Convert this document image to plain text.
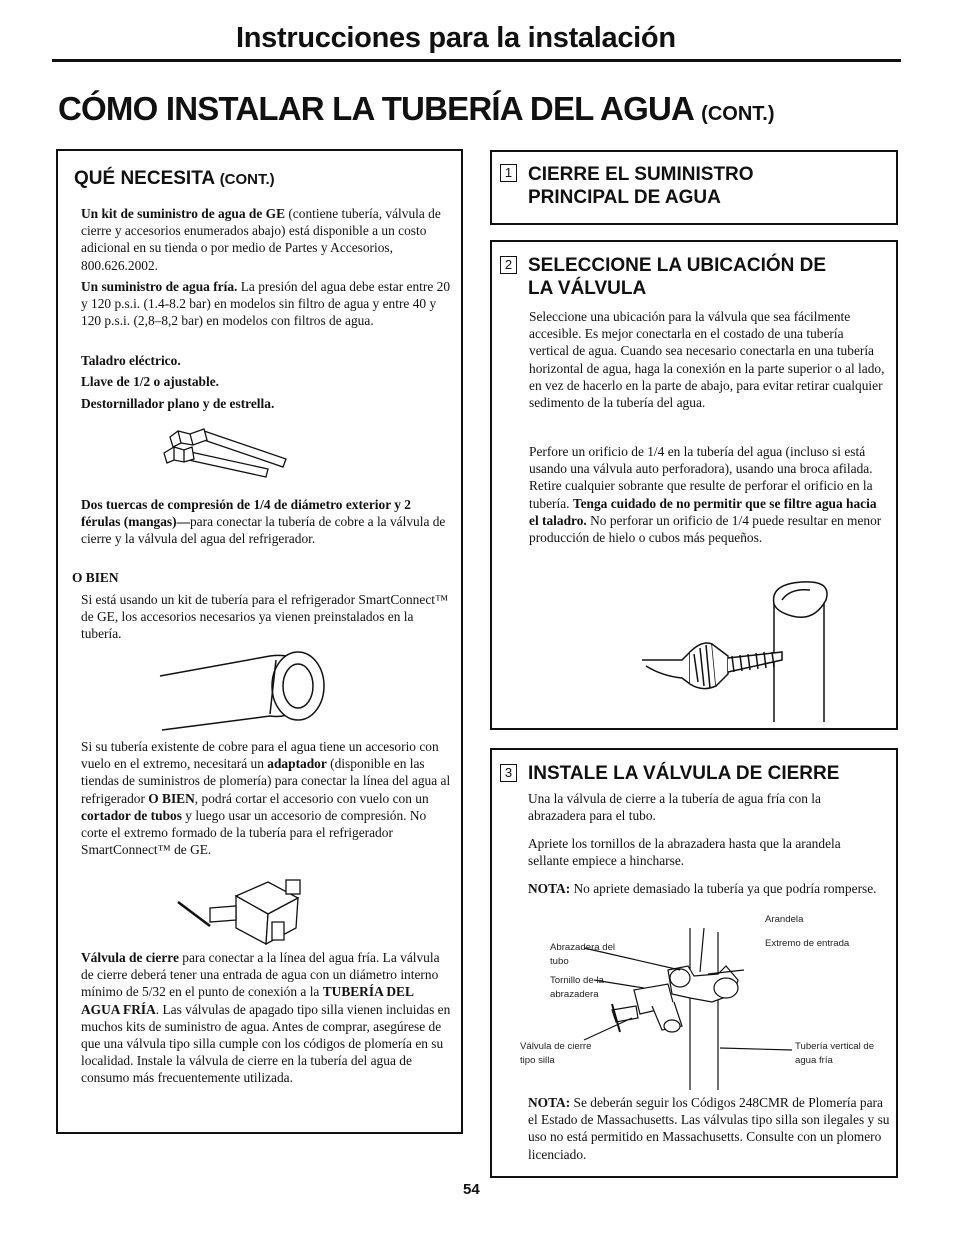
Instrucciones para la instalación
CÓMO INSTALAR LA TUBERÍA DEL AGUA (CONT.)
QUÉ NECESITA (CONT.)
Un kit de suministro de agua de GE (contiene tubería, válvula de cierre y accesorios enumerados abajo) está disponible a un costo adicional en su tienda o por medio de Partes y Accesorios, 800.626.2002.
Un suministro de agua fría. La presión del agua debe estar entre 20 y 120 p.s.i. (1.4-8.2 bar) en modelos sin filtro de agua y entre 40 y 120 p.s.i. (2,8–8,2 bar) en modelos con filtros de agua.
Taladro eléctrico.
Llave de 1/2 o ajustable.
Destornillador plano y de estrella.
Dos tuercas de compresión de 1/4 de diámetro exterior y 2 férulas (mangas)—para conectar la tubería de cobre a la válvula de cierre y la válvula del agua del refrigerador.
O BIEN
Si está usando un kit de tubería para el refrigerador SmartConnect™ de GE, los accesorios necesarios ya vienen preinstalados en la tubería.
Si su tubería existente de cobre para el agua tiene un accesorio con vuelo en el extremo, necesitará un adaptador (disponible en las tiendas de suministros de plomería) para conectar la línea del agua al refrigerador O BIEN, podrá cortar el accesorio con vuelo con un cortador de tubos y luego usar un accesorio de compresión. No corte el extremo formado de la tubería para el refrigerador SmartConnect™ de GE.
Válvula de cierre para conectar a la línea del agua fría. La válvula de cierre deberá tener una entrada de agua con un diámetro interno mínimo de 5/32 en el punto de conexión a la TUBERÍA DEL AGUA FRÍA. Las válvulas de apagado tipo silla vienen incluidas en muchos kits de suministro de agua. Antes de comprar, asegúrese de que una válvula tipo silla cumple con los códigos de plomería en su localidad. Instale la válvula de cierre en la tubería del agua de consumo más frecuentemente utilizada.
1 CIERRE EL SUMINISTRO PRINCIPAL DE AGUA
2 SELECCIONE LA UBICACIÓN DE LA VÁLVULA
Seleccione una ubicación para la válvula que sea fácilmente accesible. Es mejor conectarla en el costado de una tubería vertical de agua. Cuando sea necesario conectarla en una tubería horizontal de agua, haga la conexión en la parte superior o al lado, en vez de hacerlo en la parte de abajo, para evitar retirar cualquier sedimento de la tubería del agua.
Perfore un orificio de 1/4 en la tubería del agua (incluso si está usando una válvula auto perforadora), usando una broca afilada. Retire cualquier sobrante que resulte de perforar el orificio en la tubería. Tenga cuidado de no permitir que se filtre agua hacia el taladro. No perforar un orificio de 1/4 puede resultar en menor producción de hielo o cubos más pequeños.
3 INSTALE LA VÁLVULA DE CIERRE
Una la válvula de cierre a la tubería de agua fría con la abrazadera para el tubo.
Apriete los tornillos de la abrazadera hasta que la arandela sellante empiece a hincharse.
NOTA: No apriete demasiado la tubería ya que podría romperse.
Arandela
Abrazadera del tubo
Extremo de entrada
Tornillo de la abrazadera
Válvula de cierre tipo silla
Tubería vertical de agua fría
NOTA: Se deberán seguir los Códigos 248CMR de Plomería para el Estado de Massachusetts. Las válvulas tipo silla son ilegales y su uso no está permitido en Massachusetts. Consulte con un plomero licenciado.
54
